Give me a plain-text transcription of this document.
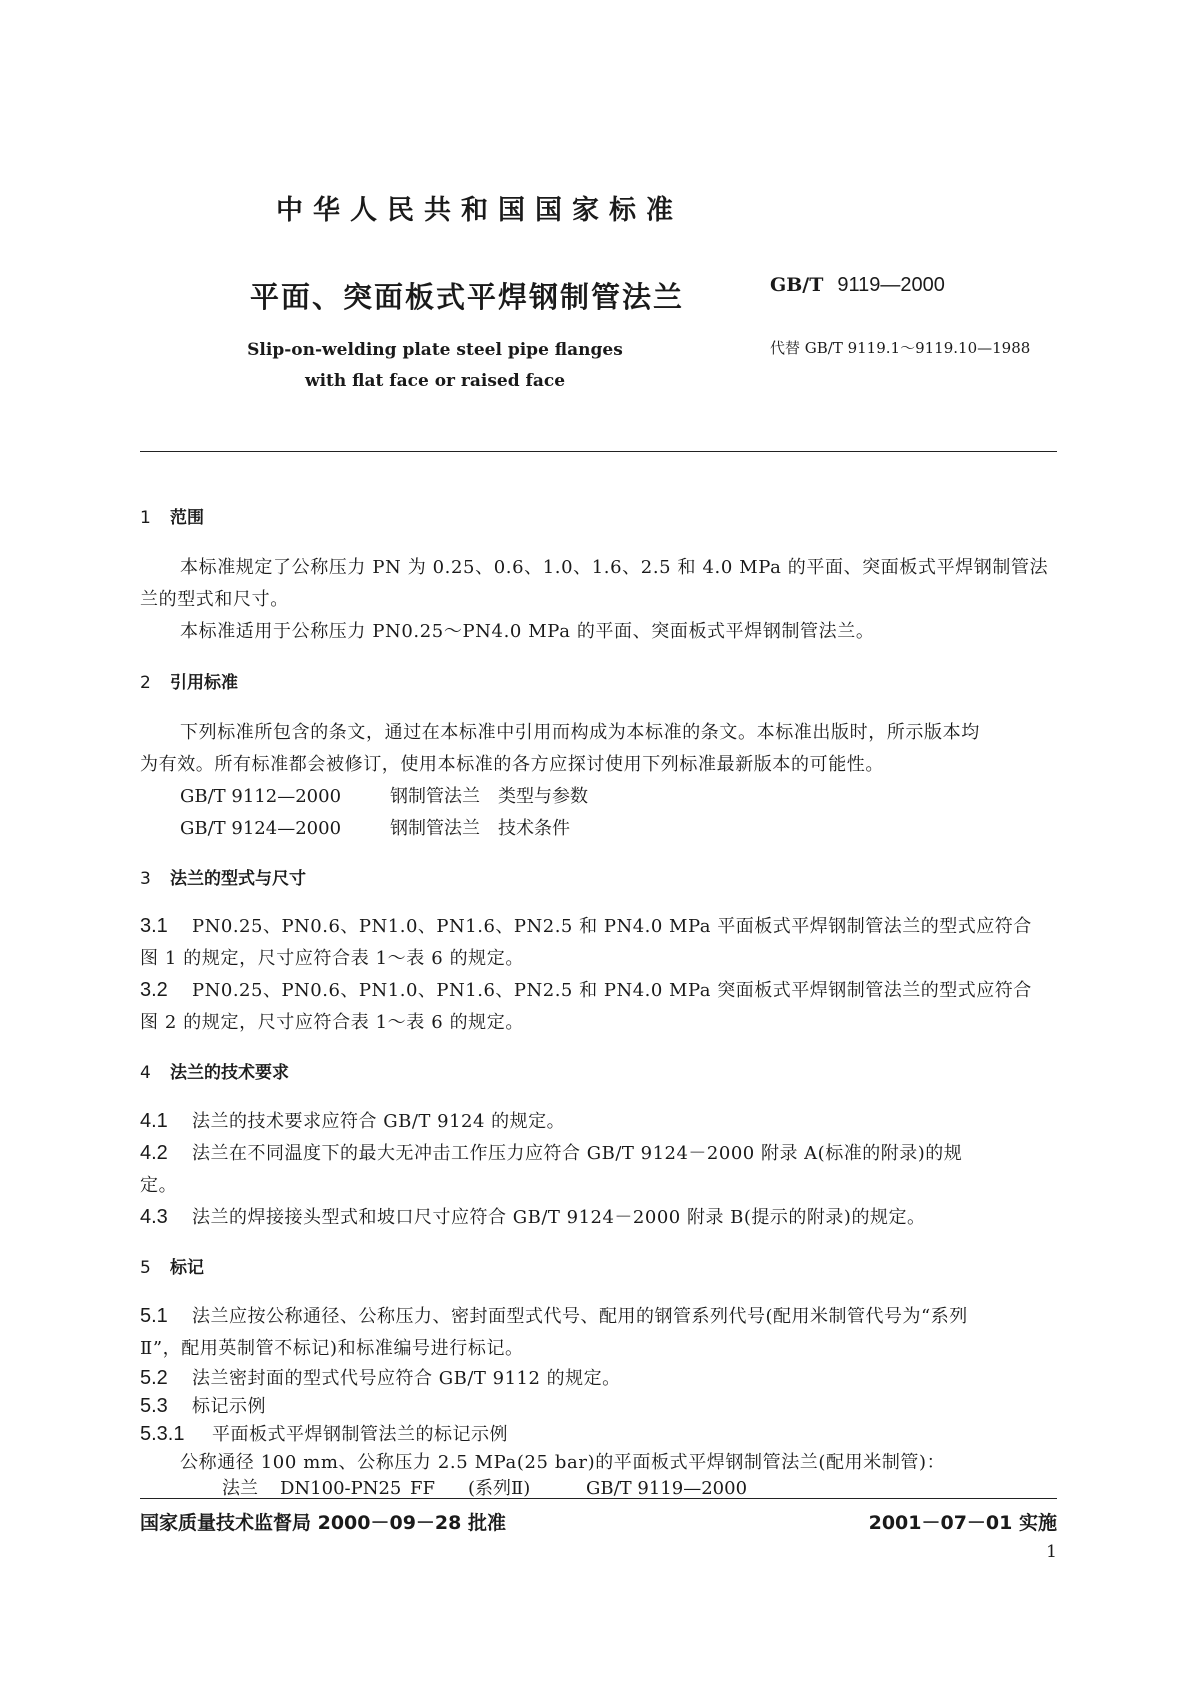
中华人民共和国国家标准
平面、突面板式平焊钢制管法兰	GB/T 9119—2000
Slip-on-welding plate steel pipe flanges
with flat face or raised face
代替 GB/T 9119.1～9119.10—1988
1 范围
本标准规定了公称压力 PN 为 0.25、0.6、1.0、1.6、2.5 和 4.0 MPa 的平面、突面板式平焊钢制管法
兰的型式和尺寸。
本标准适用于公称压力 PN0.25～PN4.0 MPa 的平面、突面板式平焊钢制管法兰。
2 引用标准
下列标准所包含的条文，通过在本标准中引用而构成为本标准的条文。本标准出版时，所示版本均
为有效。所有标准都会被修订，使用本标准的各方应探讨使用下列标准最新版本的可能性。
GB/T 9112—2000	钢制管法兰 类型与参数
GB/T 9124—2000	钢制管法兰 技术条件
3 法兰的型式与尺寸
3.1 PN0.25、PN0.6、PN1.0、PN1.6、PN2.5 和 PN4.0 MPa 平面板式平焊钢制管法兰的型式应符合
图 1 的规定，尺寸应符合表 1～表 6 的规定。
3.2 PN0.25、PN0.6、PN1.0、PN1.6、PN2.5 和 PN4.0 MPa 突面板式平焊钢制管法兰的型式应符合
图 2 的规定，尺寸应符合表 1～表 6 的规定。
4 法兰的技术要求
4.1 法兰的技术要求应符合 GB/T 9124 的规定。
4.2 法兰在不同温度下的最大无冲击工作压力应符合 GB/T 9124－2000 附录 A(标准的附录)的规
定。
4.3 法兰的焊接接头型式和坡口尺寸应符合 GB/T 9124－2000 附录 B(提示的附录)的规定。
5 标记
5.1 法兰应按公称通径、公称压力、密封面型式代号、配用的钢管系列代号(配用米制管代号为“系列
Ⅱ”，配用英制管不标记)和标准编号进行标记。
5.2 法兰密封面的型式代号应符合 GB/T 9112 的规定。
5.3 标记示例
5.3.1 平面板式平焊钢制管法兰的标记示例
公称通径 100 mm、公称压力 2.5 MPa(25 bar)的平面板式平焊钢制管法兰(配用米制管)：
国家质量技术监督局 2000－09－28 批准	2001－07－01 实施
1
法兰 DN100-PN25 FF (系列Ⅱ)	GB/T 9119—2000
